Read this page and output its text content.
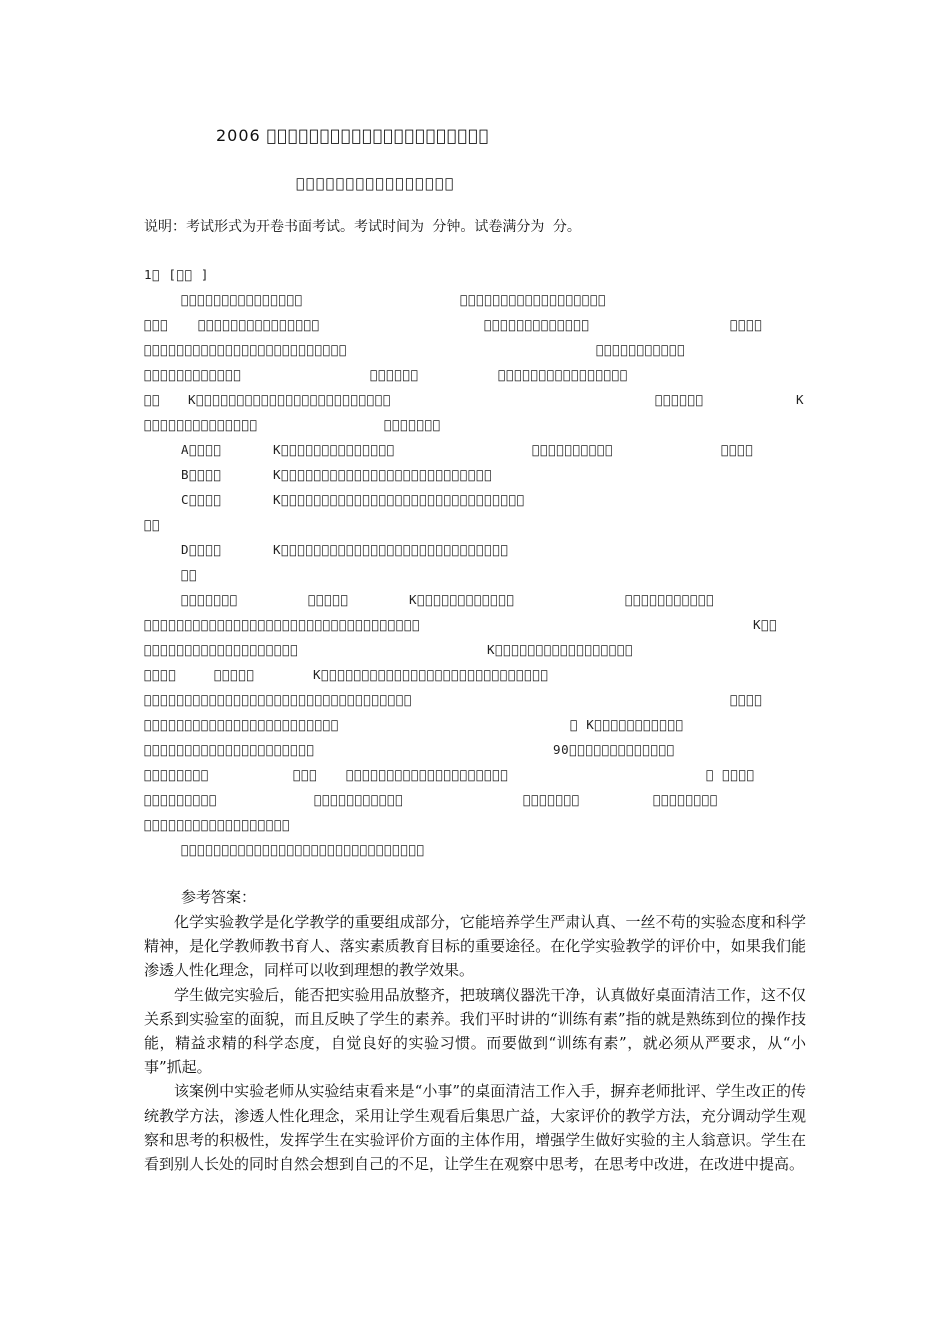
2006 􀀀􀀀􀀀􀀀􀀀􀀀􀀀􀀀􀀀􀀀􀀀􀀀􀀀􀀀􀀀􀀀􀀀􀀀􀀀􀀀􀀀
􀀀􀀀􀀀􀀀􀀀􀀀􀀀􀀀􀀀􀀀􀀀􀀀􀀀􀀀􀀀􀀀
说明：考试形式为开卷书面考试。考试时间为 分钟。试卷满分为 分。
1􀀀 [􀀀􀀀 ]
􀀀􀀀􀀀􀀀􀀀􀀀􀀀􀀀􀀀􀀀􀀀􀀀􀀀􀀀􀀀	􀀀􀀀􀀀􀀀􀀀􀀀􀀀􀀀􀀀􀀀􀀀􀀀􀀀􀀀􀀀􀀀􀀀􀀀
􀀀􀀀􀀀 􀀀􀀀􀀀􀀀􀀀􀀀􀀀􀀀􀀀􀀀􀀀􀀀􀀀􀀀􀀀	􀀀􀀀􀀀􀀀􀀀􀀀􀀀􀀀􀀀􀀀􀀀􀀀􀀀	􀀀􀀀􀀀􀀀
􀀀􀀀􀀀􀀀􀀀􀀀􀀀􀀀􀀀􀀀􀀀􀀀􀀀􀀀􀀀􀀀􀀀􀀀􀀀􀀀􀀀􀀀􀀀􀀀􀀀	􀀀􀀀􀀀􀀀􀀀􀀀􀀀􀀀􀀀􀀀􀀀
􀀀􀀀􀀀􀀀􀀀􀀀􀀀􀀀􀀀􀀀􀀀􀀀	􀀀􀀀􀀀􀀀􀀀􀀀	􀀀􀀀􀀀􀀀􀀀􀀀􀀀􀀀􀀀􀀀􀀀􀀀􀀀􀀀􀀀􀀀
􀀀􀀀 K􀀀􀀀􀀀􀀀􀀀􀀀􀀀􀀀􀀀􀀀􀀀􀀀􀀀􀀀􀀀􀀀􀀀􀀀􀀀􀀀􀀀􀀀􀀀􀀀	􀀀􀀀􀀀􀀀􀀀􀀀	K
􀀀􀀀􀀀􀀀􀀀􀀀􀀀􀀀􀀀􀀀􀀀􀀀􀀀􀀀	􀀀􀀀􀀀􀀀􀀀􀀀􀀀
A􀀀􀀀􀀀􀀀	K􀀀􀀀􀀀􀀀􀀀􀀀􀀀􀀀􀀀􀀀􀀀􀀀􀀀􀀀	􀀀􀀀􀀀􀀀􀀀􀀀􀀀􀀀􀀀􀀀	􀀀􀀀􀀀􀀀
B􀀀􀀀􀀀􀀀	K􀀀􀀀􀀀􀀀􀀀􀀀􀀀􀀀􀀀􀀀􀀀􀀀􀀀􀀀􀀀􀀀􀀀􀀀􀀀􀀀􀀀􀀀􀀀􀀀􀀀􀀀
C􀀀􀀀􀀀􀀀	K􀀀􀀀􀀀􀀀􀀀􀀀􀀀􀀀􀀀􀀀􀀀􀀀􀀀􀀀􀀀􀀀􀀀􀀀􀀀􀀀􀀀􀀀􀀀􀀀􀀀􀀀􀀀􀀀􀀀􀀀
􀀀􀀀
D􀀀􀀀􀀀􀀀	K􀀀􀀀􀀀􀀀􀀀􀀀􀀀􀀀􀀀􀀀􀀀􀀀􀀀􀀀􀀀􀀀􀀀􀀀􀀀􀀀􀀀􀀀􀀀􀀀􀀀􀀀􀀀􀀀
􀀀􀀀
􀀀􀀀􀀀􀀀􀀀􀀀􀀀	􀀀􀀀􀀀􀀀􀀀	K􀀀􀀀􀀀􀀀􀀀􀀀􀀀􀀀􀀀􀀀􀀀􀀀	􀀀􀀀􀀀􀀀􀀀􀀀􀀀􀀀􀀀􀀀􀀀
􀀀􀀀􀀀􀀀􀀀􀀀􀀀􀀀􀀀􀀀􀀀􀀀􀀀􀀀􀀀􀀀􀀀􀀀􀀀􀀀􀀀􀀀􀀀􀀀􀀀􀀀􀀀􀀀􀀀􀀀􀀀􀀀􀀀􀀀	K􀀀􀀀
􀀀􀀀􀀀􀀀􀀀􀀀􀀀􀀀􀀀􀀀􀀀􀀀􀀀􀀀􀀀􀀀􀀀􀀀􀀀	K􀀀􀀀􀀀􀀀􀀀􀀀􀀀􀀀􀀀􀀀􀀀􀀀􀀀􀀀􀀀􀀀􀀀
􀀀􀀀􀀀􀀀	􀀀􀀀􀀀􀀀􀀀	K􀀀􀀀􀀀􀀀􀀀􀀀􀀀􀀀􀀀􀀀􀀀􀀀􀀀􀀀􀀀􀀀􀀀􀀀􀀀􀀀􀀀􀀀􀀀􀀀􀀀􀀀􀀀􀀀
􀀀􀀀􀀀􀀀􀀀􀀀􀀀􀀀􀀀􀀀􀀀􀀀􀀀􀀀􀀀􀀀􀀀􀀀􀀀􀀀􀀀􀀀􀀀􀀀􀀀􀀀􀀀􀀀􀀀􀀀􀀀􀀀􀀀	􀀀􀀀􀀀􀀀
􀀀􀀀􀀀􀀀􀀀􀀀􀀀􀀀􀀀􀀀􀀀􀀀􀀀􀀀􀀀􀀀􀀀􀀀􀀀􀀀􀀀􀀀􀀀􀀀	􀀀 K􀀀􀀀􀀀􀀀􀀀􀀀􀀀􀀀􀀀􀀀􀀀
􀀀􀀀􀀀􀀀􀀀􀀀􀀀􀀀􀀀􀀀􀀀􀀀􀀀􀀀􀀀􀀀􀀀􀀀􀀀􀀀􀀀	90􀀀􀀀􀀀􀀀􀀀􀀀􀀀􀀀􀀀􀀀􀀀􀀀􀀀
􀀀􀀀􀀀􀀀􀀀􀀀􀀀􀀀	􀀀􀀀􀀀 􀀀􀀀􀀀􀀀􀀀􀀀􀀀􀀀􀀀􀀀􀀀􀀀􀀀􀀀􀀀􀀀􀀀􀀀􀀀􀀀	􀀀 􀀀􀀀􀀀􀀀
􀀀􀀀􀀀􀀀􀀀􀀀􀀀􀀀􀀀	􀀀􀀀􀀀􀀀􀀀􀀀􀀀􀀀􀀀􀀀􀀀	􀀀􀀀􀀀􀀀􀀀􀀀􀀀	􀀀􀀀􀀀􀀀􀀀􀀀􀀀􀀀
􀀀􀀀􀀀􀀀􀀀􀀀􀀀􀀀􀀀􀀀􀀀􀀀􀀀􀀀􀀀􀀀􀀀􀀀
􀀀􀀀􀀀􀀀􀀀􀀀􀀀􀀀􀀀􀀀􀀀􀀀􀀀􀀀􀀀􀀀􀀀􀀀􀀀􀀀􀀀􀀀􀀀􀀀􀀀􀀀􀀀􀀀􀀀􀀀
参考答案：

化学实验教学是化学教学的重要组成部分，它能培养学生严肃认真、一丝不苟的实验态度和科学精神，是化学教师教书育人、落实素质教育目标的重要途径。在化学实验教学的评价中，如果我们能渗透人性化理念，同样可以收到理想的教学效果。

学生做完实验后，能否把实验用品放整齐，把玻璃仪器洗干净，认真做好桌面清洁工作，这不仅关系到实验室的面貌，而且反映了学生的素养。我们平时讲的“训练有素”指的就是熟练到位的操作技能，精益求精的科学态度，自觉良好的实验习惯。而要做到“训练有素”，就必须从严要求，从“小事”抓起。

该案例中实验老师从实验结束看来是“小事”的桌面清洁工作入手，摒弃老师批评、学生改正的传统教学方法，渗透人性化理念，采用让学生观看后集思广益，大家评价的教学方法，充分调动学生观察和思考的积极性，发挥学生在实验评价方面的主体作用，增强学生做好实验的主人翁意识。学生在看到别人长处的同时自然会想到自己的不足，让学生在观察中思考，在思考中改进，在改进中提高。
